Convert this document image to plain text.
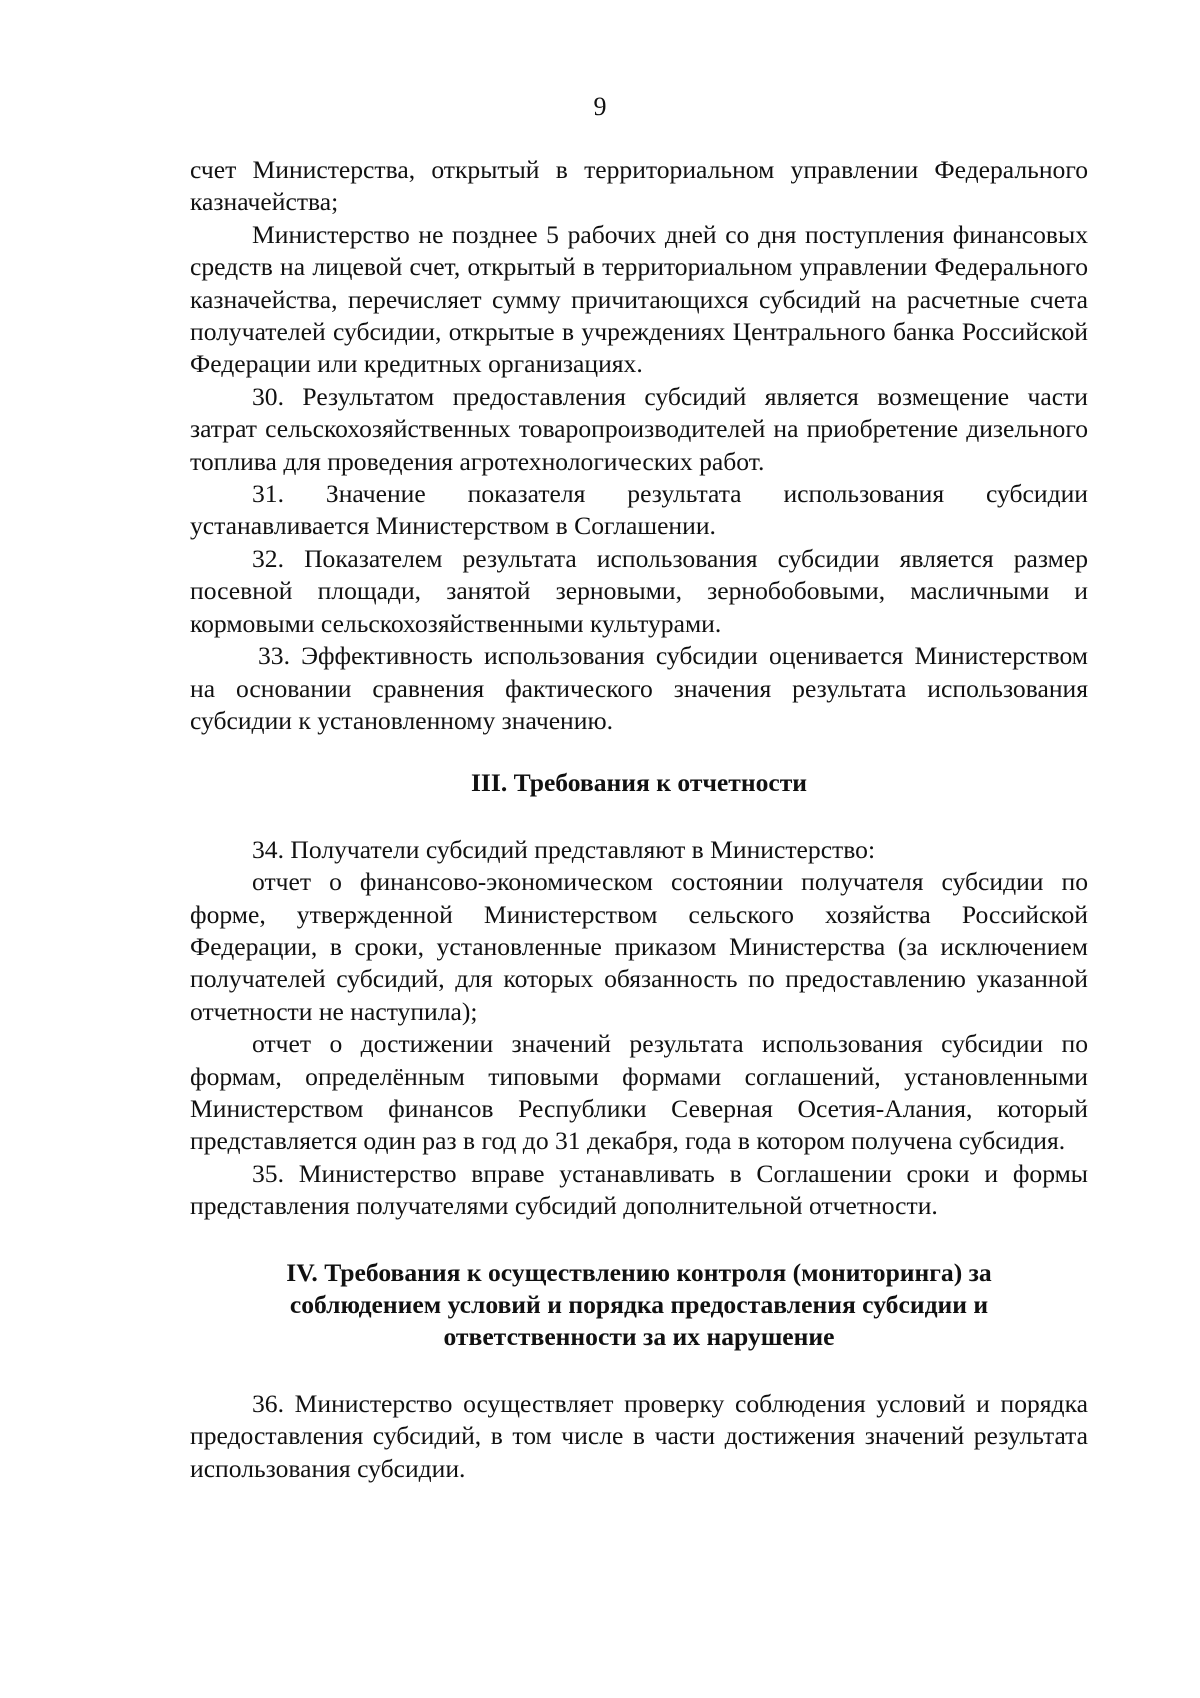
9

счет Министерства, открытый в территориальном управлении Федерального казначейства;

Министерство не позднее 5 рабочих дней со дня поступления финансовых средств на лицевой счет, открытый в территориальном управлении Федерального казначейства, перечисляет сумму причитающихся субсидий на расчетные счета получателей субсидии, открытые в учреждениях Центрального банка Российской Федерации или кредитных организациях.

30. Результатом предоставления субсидий является возмещение части затрат сельскохозяйственных товаропроизводителей на приобретение дизельного топлива для проведения агротехнологических работ.

31. Значение показателя результата использования субсидии устанавливается Министерством в Соглашении.

32. Показателем результата использования субсидии является размер посевной площади, занятой зерновыми, зернобобовыми, масличными и кормовыми сельскохозяйственными культурами.

33. Эффективность использования субсидии оценивается Министерством на основании сравнения фактического значения результата использования субсидии к установленному значению.

III. Требования к отчетности

34. Получатели субсидий представляют в Министерство:

отчет о финансово-экономическом состоянии получателя субсидии по форме, утвержденной Министерством сельского хозяйства Российской Федерации, в сроки, установленные приказом Министерства (за исключением получателей субсидий, для которых обязанность по предоставлению указанной отчетности не наступила);

отчет о достижении значений результата использования субсидии по формам, определённым типовыми формами соглашений, установленными Министерством финансов Республики Северная Осетия-Алания, который представляется один раз в год до 31 декабря, года в котором получена субсидия.

35. Министерство вправе устанавливать в Соглашении сроки и формы представления получателями субсидий дополнительной отчетности.

IV. Требования к осуществлению контроля (мониторинга) за
соблюдением условий и порядка предоставления субсидии и
ответственности за их нарушение

36. Министерство осуществляет проверку соблюдения условий и порядка предоставления субсидий, в том числе в части достижения значений результата использования субсидии.
